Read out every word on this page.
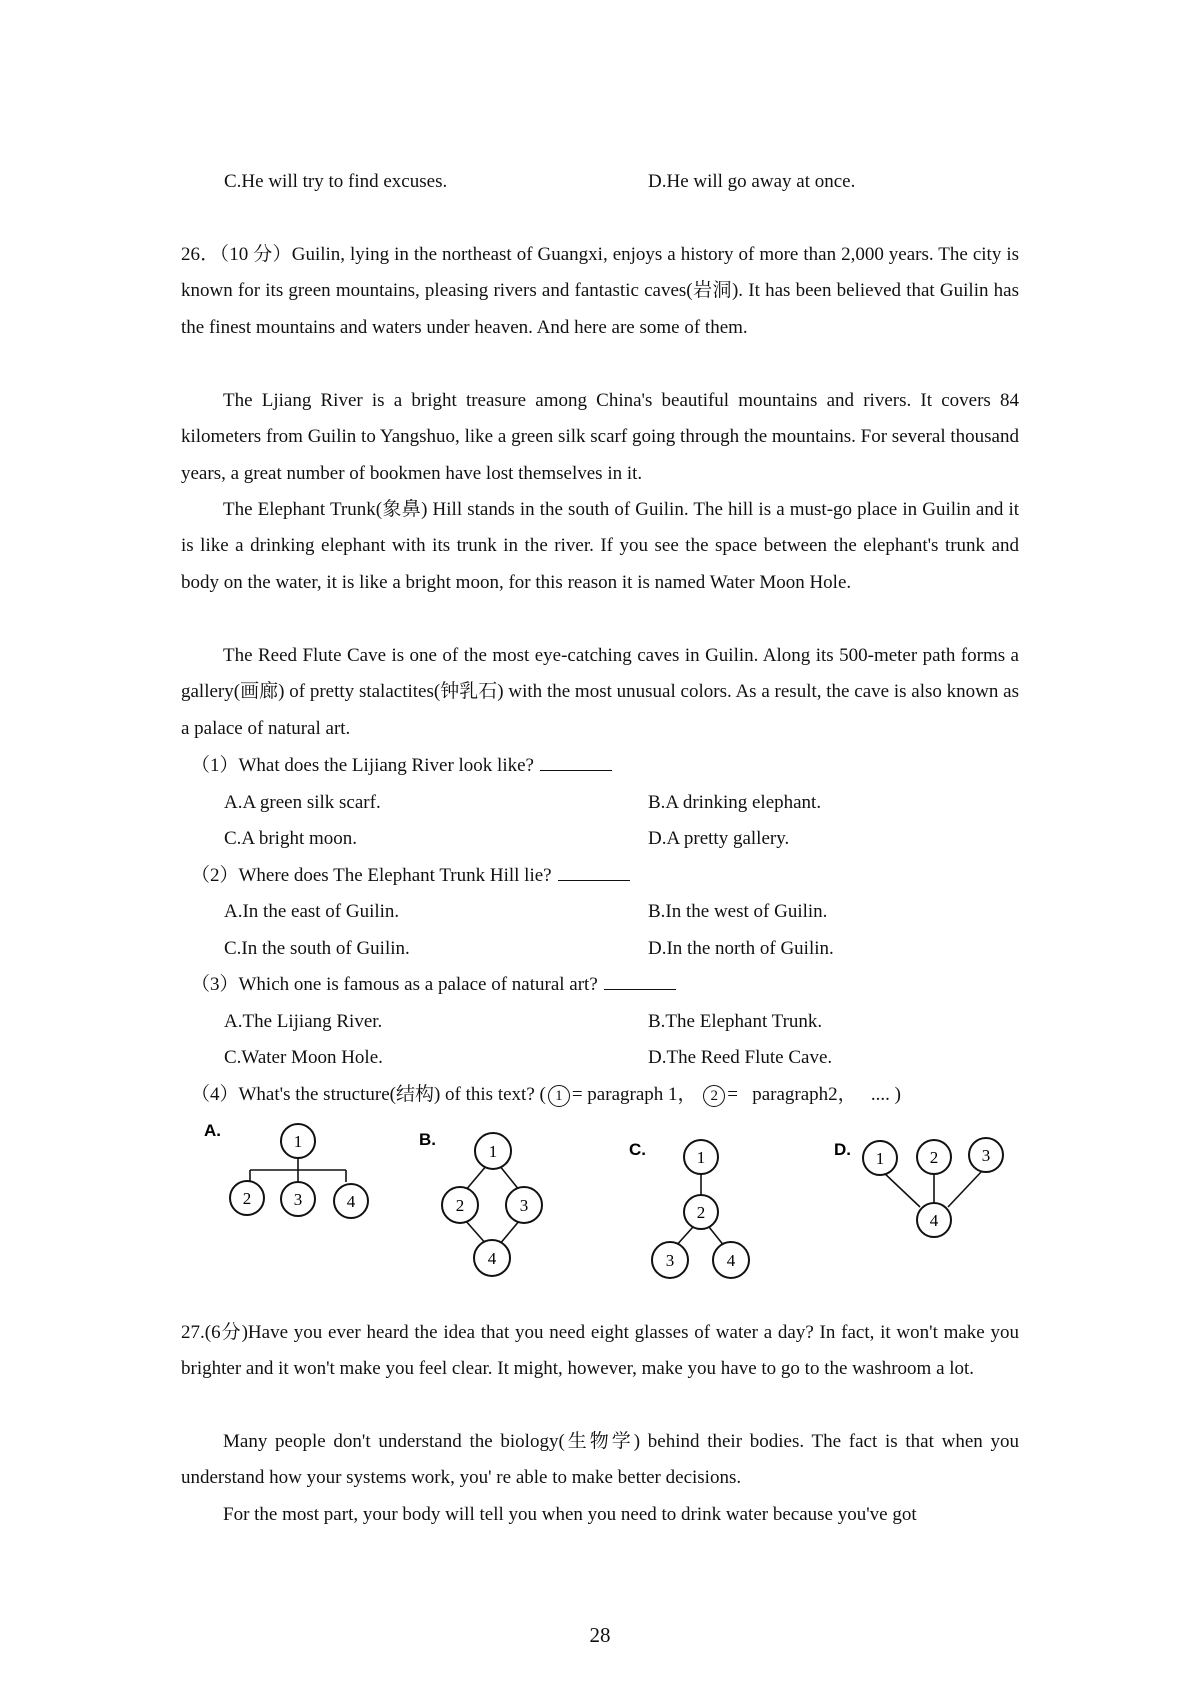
C.He will try to find excuses.	D.He will go away at once.
26．（10 分）Guilin, lying in the northeast of Guangxi, enjoys a history of more than 2,000 years. The city is known for its green mountains, pleasing rivers and fantastic caves(岩洞). It has been believed that Guilin has the finest mountains and waters under heaven. And here are some of them.
The Ljiang River is a bright treasure among China's beautiful mountains and rivers. It covers 84 kilometers from Guilin to Yangshuo, like a green silk scarf going through the mountains. For several thousand years, a great number of bookmen have lost themselves in it.
The Elephant Trunk(象鼻) Hill stands in the south of Guilin. The hill is a must-go place in Guilin and it is like a drinking elephant with its trunk in the river. If you see the space between the elephant's trunk and body on the water, it is like a bright moon, for this reason it is named Water Moon Hole.
The Reed Flute Cave is one of the most eye-catching caves in Guilin. Along its 500-meter path forms a gallery(画廊) of pretty stalactites(钟乳石) with the most unusual colors. As a result, the cave is also known as a palace of natural art.
（1）What does the Lijiang River look like?
A.A green silk scarf.	B.A drinking elephant.
C.A bright moon.	D.A pretty gallery.
（2）Where does The Elephant Trunk Hill lie?
A.In the east of Guilin.	B.In the west of Guilin.
C.In the south of Guilin.	D.In the north of Guilin.
（3）Which one is famous as a palace of natural art?
A.The Lijiang River.	B.The Elephant Trunk.
C.Water Moon Hole.	D.The Reed Flute Cave.
（4）What's the structure(结构) of this text? ( 1 = paragraph 1， 2 =   paragraph2，   .... )
A.
1
2	3	4
B.
1
2	3
4
C.	1
2
3	4
D. 1	2	3
4
27.(6分)Have you ever heard the idea that you need eight glasses of water a day? In fact, it won't make you brighter and it won't make you feel clear. It might, however, make you have to go to the washroom a lot.
Many people don't understand the biology(生物学) behind their bodies. The fact is that when you understand how your systems work, you' re able to make better decisions.
For the most part, your body will tell you when you need to drink water because you've got
28
